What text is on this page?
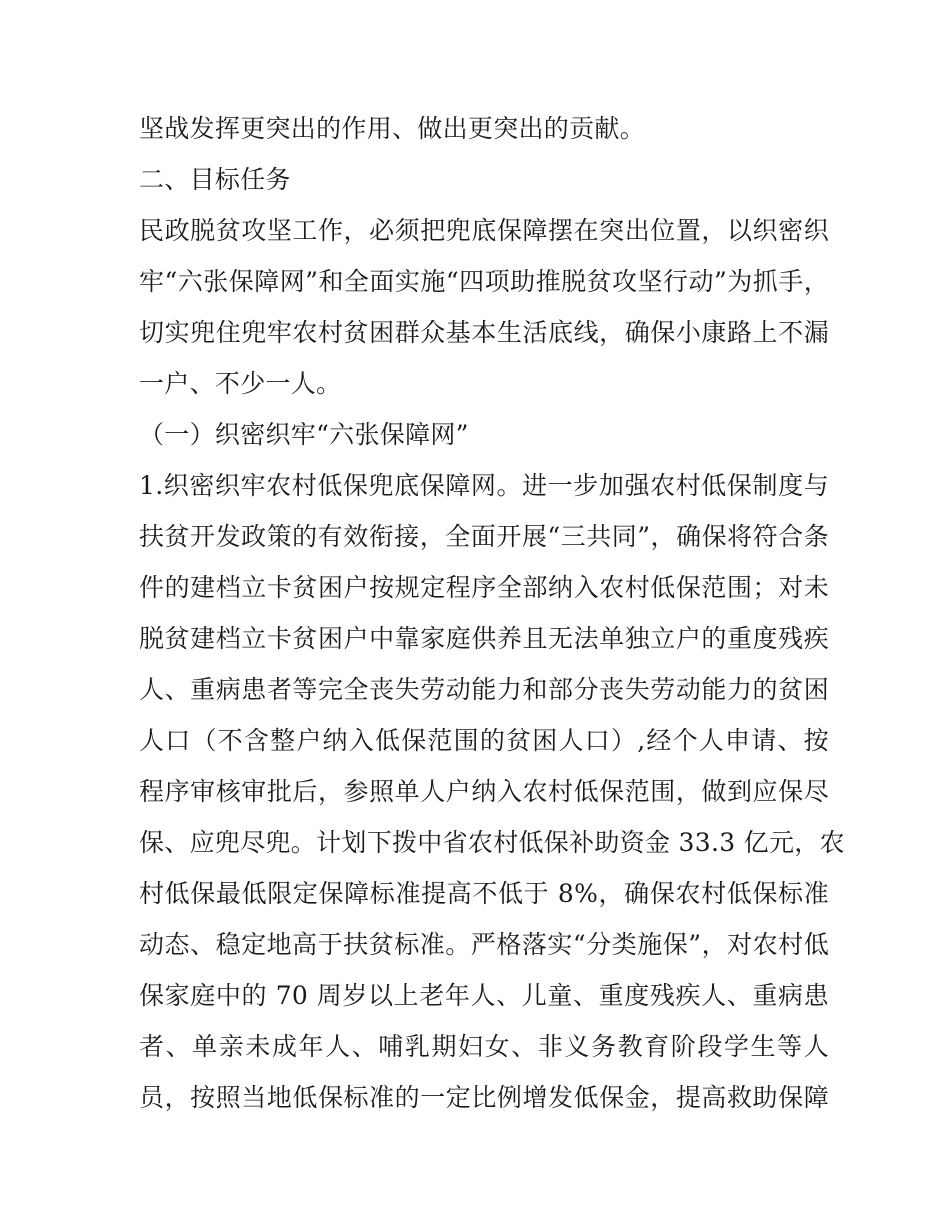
坚战发挥更突出的作用、做出更突出的贡献。
二、目标任务
民政脱贫攻坚工作，必须把兜底保障摆在突出位置，以织密织
牢“六张保障网”和全面实施“四项助推脱贫攻坚行动”为抓手，
切实兜住兜牢农村贫困群众基本生活底线，确保小康路上不漏
一户、不少一人。
（一）织密织牢“六张保障网”
1.织密织牢农村低保兜底保障网。进一步加强农村低保制度与
扶贫开发政策的有效衔接，全面开展“三共同”，确保将符合条
件的建档立卡贫困户按规定程序全部纳入农村低保范围；对未
脱贫建档立卡贫困户中靠家庭供养且无法单独立户的重度残疾
人、重病患者等完全丧失劳动能力和部分丧失劳动能力的贫困
人口（不含整户纳入低保范围的贫困人口）,经个人申请、按
程序审核审批后，参照单人户纳入农村低保范围，做到应保尽
保、应兜尽兜。计划下拨中省农村低保补助资金 33.3 亿元，农
村低保最低限定保障标准提高不低于 8%，确保农村低保标准
动态、稳定地高于扶贫标准。严格落实“分类施保”，对农村低
保家庭中的 70 周岁以上老年人、儿童、重度残疾人、重病患
者、单亲未成年人、哺乳期妇女、非义务教育阶段学生等人
员，按照当地低保标准的一定比例增发低保金，提高救助保障
